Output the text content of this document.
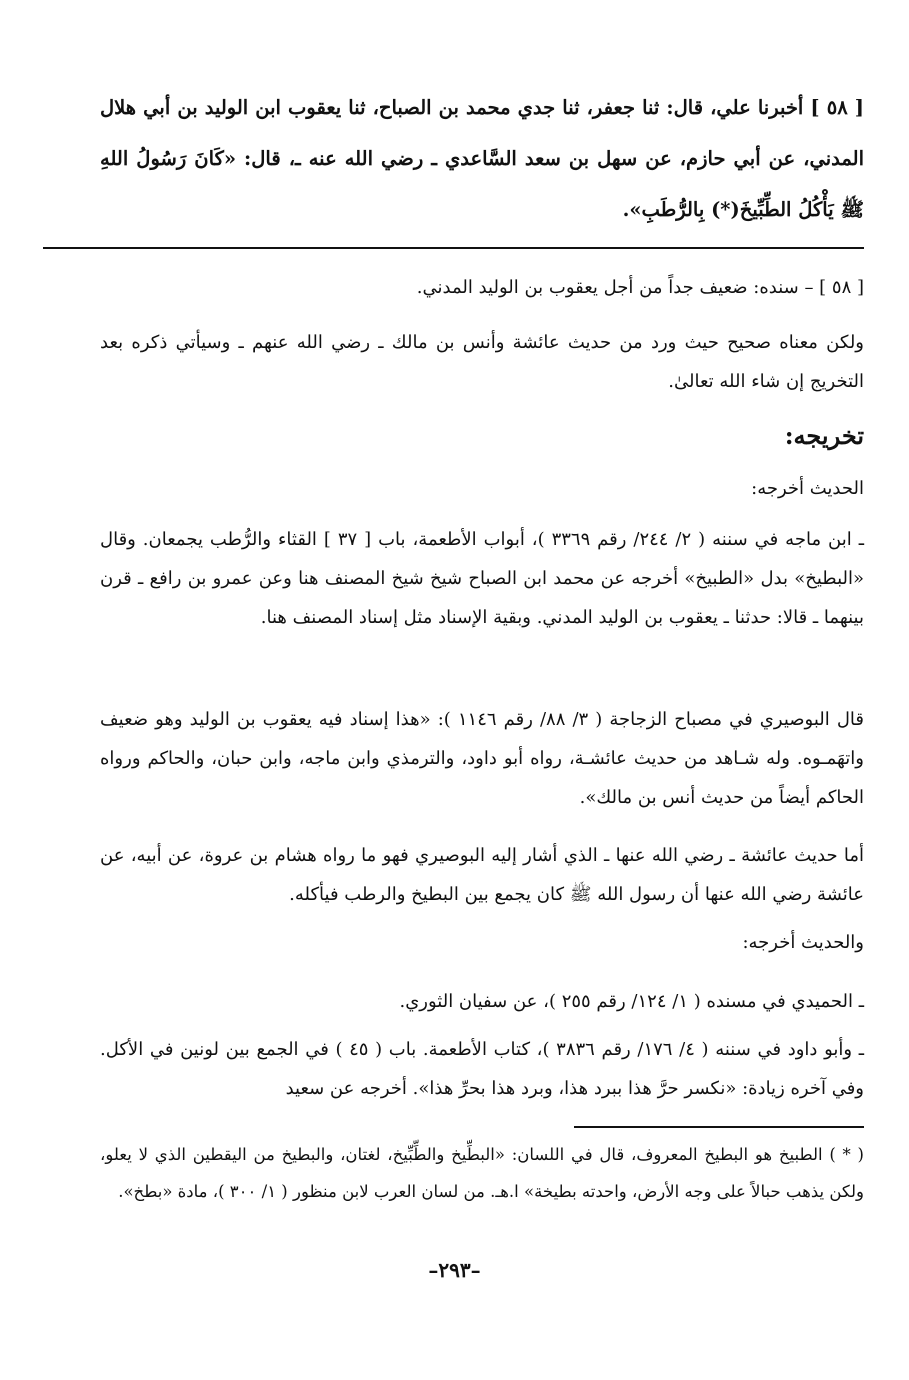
[ ٥٨ ] أخبرنا علي، قال: ثنا جعفر، ثنا جدي محمد بن الصباح، ثنا يعقوب ابن الوليد بن أبي هلال المدني، عن أبي حازم، عن سهل بن سعد السَّاعدي ـ رضي الله عنه ـ، قال: «كَانَ رَسُولُ اللهِ ﷺ يَأْكُلُ الطِّبِّيخَ(*) بِالرُّطَبِ».

[ ٥٨ ] – سنده: ضعيف جداً من أجل يعقوب بن الوليد المدني.

ولكن معناه صحيح حيث ورد من حديث عائشة وأنس بن مالك ـ رضي الله عنهم ـ وسيأتي ذكره بعد التخريج إن شاء الله تعالىٰ.

تخريجه:

الحديث أخرجه:

ـ ابن ماجه في سننه ( ٢/ ٢٤٤/ رقم ٣٣٦٩ )، أبواب الأطعمة، باب [ ٣٧ ] القثاء والرُّطب يجمعان. وقال «البطيخ» بدل «الطبيخ» أخرجه عن محمد ابن الصباح شيخ شيخ المصنف هنا وعن عمرو بن رافع ـ قرن بينهما ـ قالا: حدثنا ـ يعقوب بن الوليد المدني. وبقية الإسناد مثل إسناد المصنف هنا.

قال البوصيري في مصباح الزجاجة ( ٣/ ٨٨/ رقم ١١٤٦ ): «هذا إسناد فيه يعقوب بن الوليد وهو ضعيف واتهَمـوه. وله شـاهد من حديث عائشـة، رواه أبو داود، والترمذي وابن ماجه، وابن حبان، والحاكم ورواه الحاكم أيضاً من حديث أنس بن مالك».

أما حديث عائشة ـ رضي الله عنها ـ الذي أشار إليه البوصيري فهو ما رواه هشام بن عروة، عن أبيه، عن عائشة رضي الله عنها أن رسول الله ﷺ كان يجمع بين البطيخ والرطب فيأكله.

والحديث أخرجه:

ـ الحميدي في مسنده ( ١/ ١٢٤/ رقم ٢٥٥ )، عن سفيان الثوري.

ـ وأبو داود في سننه ( ٤/ ١٧٦/ رقم ٣٨٣٦ )، كتاب الأطعمة. باب ( ٤٥ ) في الجمع بين لونين في الأكل. وفي آخره زيادة: «نكسر حرَّ هذا ببرد هذا، وبرد هذا بحرِّ هذا». أخرجه عن سعيد

( * ) الطبيخ هو البطيخ المعروف، قال في اللسان: «البطِّيخ والطِّبِّيخ، لغتان، والبطيخ من اليقطين الذي لا يعلو، ولكن يذهب حبالاً على وجه الأرض، واحدته بطيخة» ا.هـ. من لسان العرب لابن منظور ( ١/ ٣٠٠ )، مادة «بطخ».

–٢٩٣–
